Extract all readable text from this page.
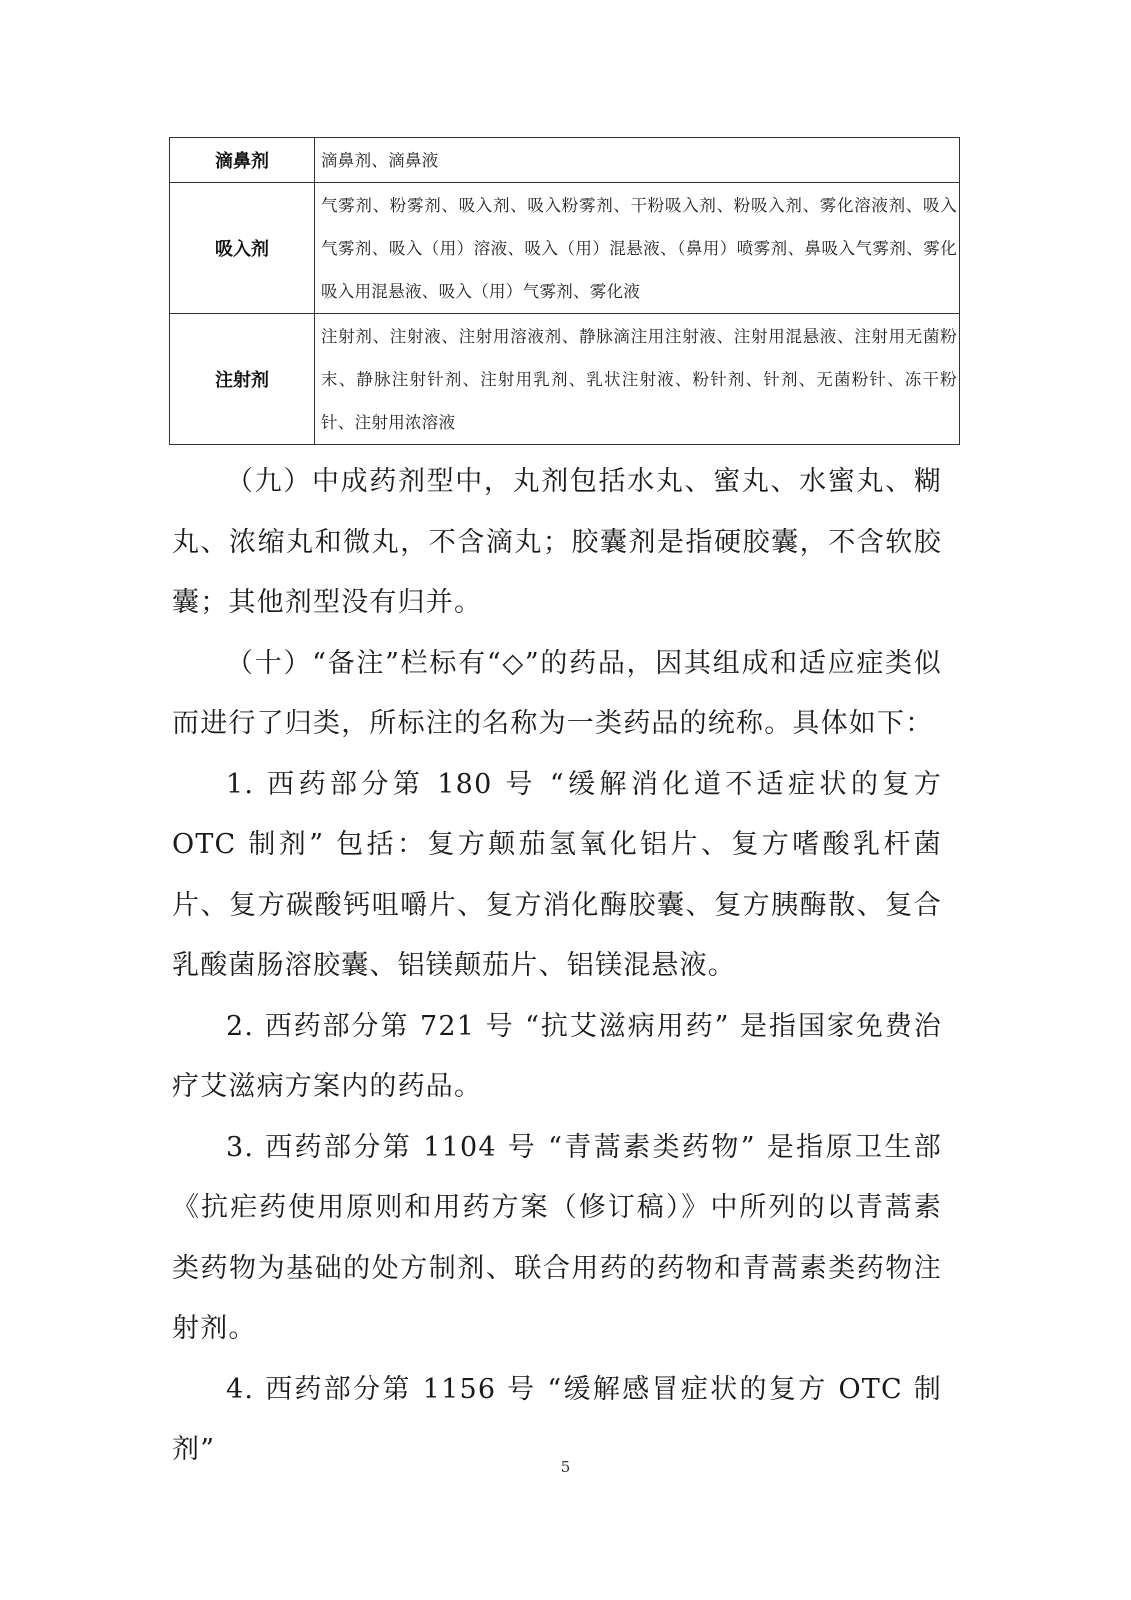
滴鼻剂	滴鼻剂、滴鼻液
吸入剂	气雾剂、粉雾剂、吸入剂、吸入粉雾剂、干粉吸入剂、粉吸入剂、雾化溶液剂、吸入气雾剂、吸入（用）溶液、吸入（用）混悬液、（鼻用）喷雾剂、鼻吸入气雾剂、雾化吸入用混悬液、吸入（用）气雾剂、雾化液
注射剂	注射剂、注射液、注射用溶液剂、静脉滴注用注射液、注射用混悬液、注射用无菌粉末、静脉注射针剂、注射用乳剂、乳状注射液、粉针剂、针剂、无菌粉针、冻干粉针、注射用浓溶液

（九）中成药剂型中，丸剂包括水丸、蜜丸、水蜜丸、糊丸、浓缩丸和微丸，不含滴丸；胶囊剂是指硬胶囊，不含软胶囊；其他剂型没有归并。

（十）“备注”栏标有“◇”的药品，因其组成和适应症类似而进行了归类，所标注的名称为一类药品的统称。具体如下：

1. 西药部分第 180 号 “缓解消化道不适症状的复方 OTC 制剂” 包括：复方颠茄氢氧化铝片、复方嗜酸乳杆菌片、复方碳酸钙咀嚼片、复方消化酶胶囊、复方胰酶散、复合乳酸菌肠溶胶囊、铝镁颠茄片、铝镁混悬液。

2. 西药部分第 721 号 “抗艾滋病用药” 是指国家免费治疗艾滋病方案内的药品。

3. 西药部分第 1104 号 “青蒿素类药物” 是指原卫生部《抗疟药使用原则和用药方案（修订稿）》中所列的以青蒿素类药物为基础的处方制剂、联合用药的药物和青蒿素类药物注射剂。

4. 西药部分第 1156 号 “缓解感冒症状的复方 OTC 制剂”

5
